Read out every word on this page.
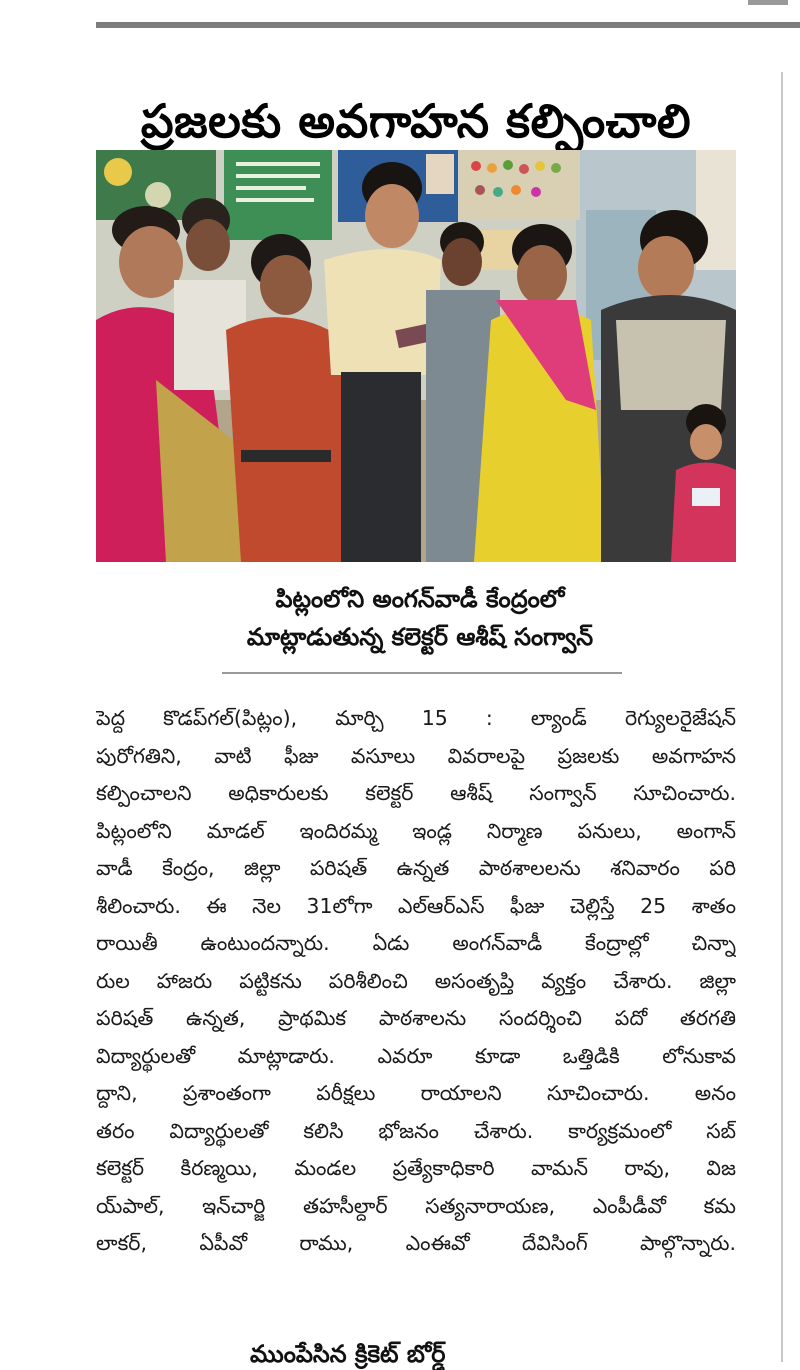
ప్రజలకు అవగాహన కల్పించాలి
పిట్లంలోని అంగన్‌వాడీ కేంద్రంలో
మాట్లాడుతున్న కలెక్టర్ ఆశీష్ సంగ్వాన్
పెద్ద కొడప్‌గల్(పిట్లం), మార్చి 15 : ల్యాండ్ రెగ్యులరైజేషన్
పురోగతిని, వాటి ఫీజు వసూలు వివరాలపై ప్రజలకు అవగాహన
కల్పించాలని అధికారులకు కలెక్టర్ ఆశీష్ సంగ్వాన్ సూచించారు.
పిట్లంలోని మాడల్ ఇందిరమ్మ ఇండ్ల నిర్మాణ పనులు, అంగాన్
వాడీ కేంద్రం, జిల్లా పరిషత్ ఉన్నత పాఠశాలలను శనివారం పరి
శీలించారు. ఈ నెల 31లోగా ఎల్ఆర్ఎస్ ఫీజు చెల్లిస్తే 25 శాతం
రాయితీ ఉంటుందన్నారు. ఏడు అంగన్‌వాడీ కేంద్రాల్లో చిన్నా
రుల హాజరు పట్టికను పరిశీలించి అసంతృప్తి వ్యక్తం చేశారు. జిల్లా
పరిషత్ ఉన్నత, ప్రాథమిక పాఠశాలను సందర్శించి పదో తరగతి
విద్యార్థులతో మాట్లాడారు. ఎవరూ కూడా ఒత్తిడికి లోనుకావ
ద్దాని, ప్రశాంతంగా పరీక్షలు రాయాలని సూచించారు. అనం
తరం విద్యార్థులతో కలిసి భోజనం చేశారు. కార్యక్రమంలో సబ్
కలెక్టర్ కిరణ్మయి, మండల ప్రత్యేకాధికారి వామన్ రావు, విజ
య్‌పాల్, ఇన్‌చార్జి తహసీల్దార్ సత్యనారాయణ, ఎంపీడీవో కమ
లాకర్, ఏపీవో రాము, ఎంఈవో దేవిసింగ్ పాల్గొన్నారు.
ముంపేసిన క్రికెట్ బోర్డ్
